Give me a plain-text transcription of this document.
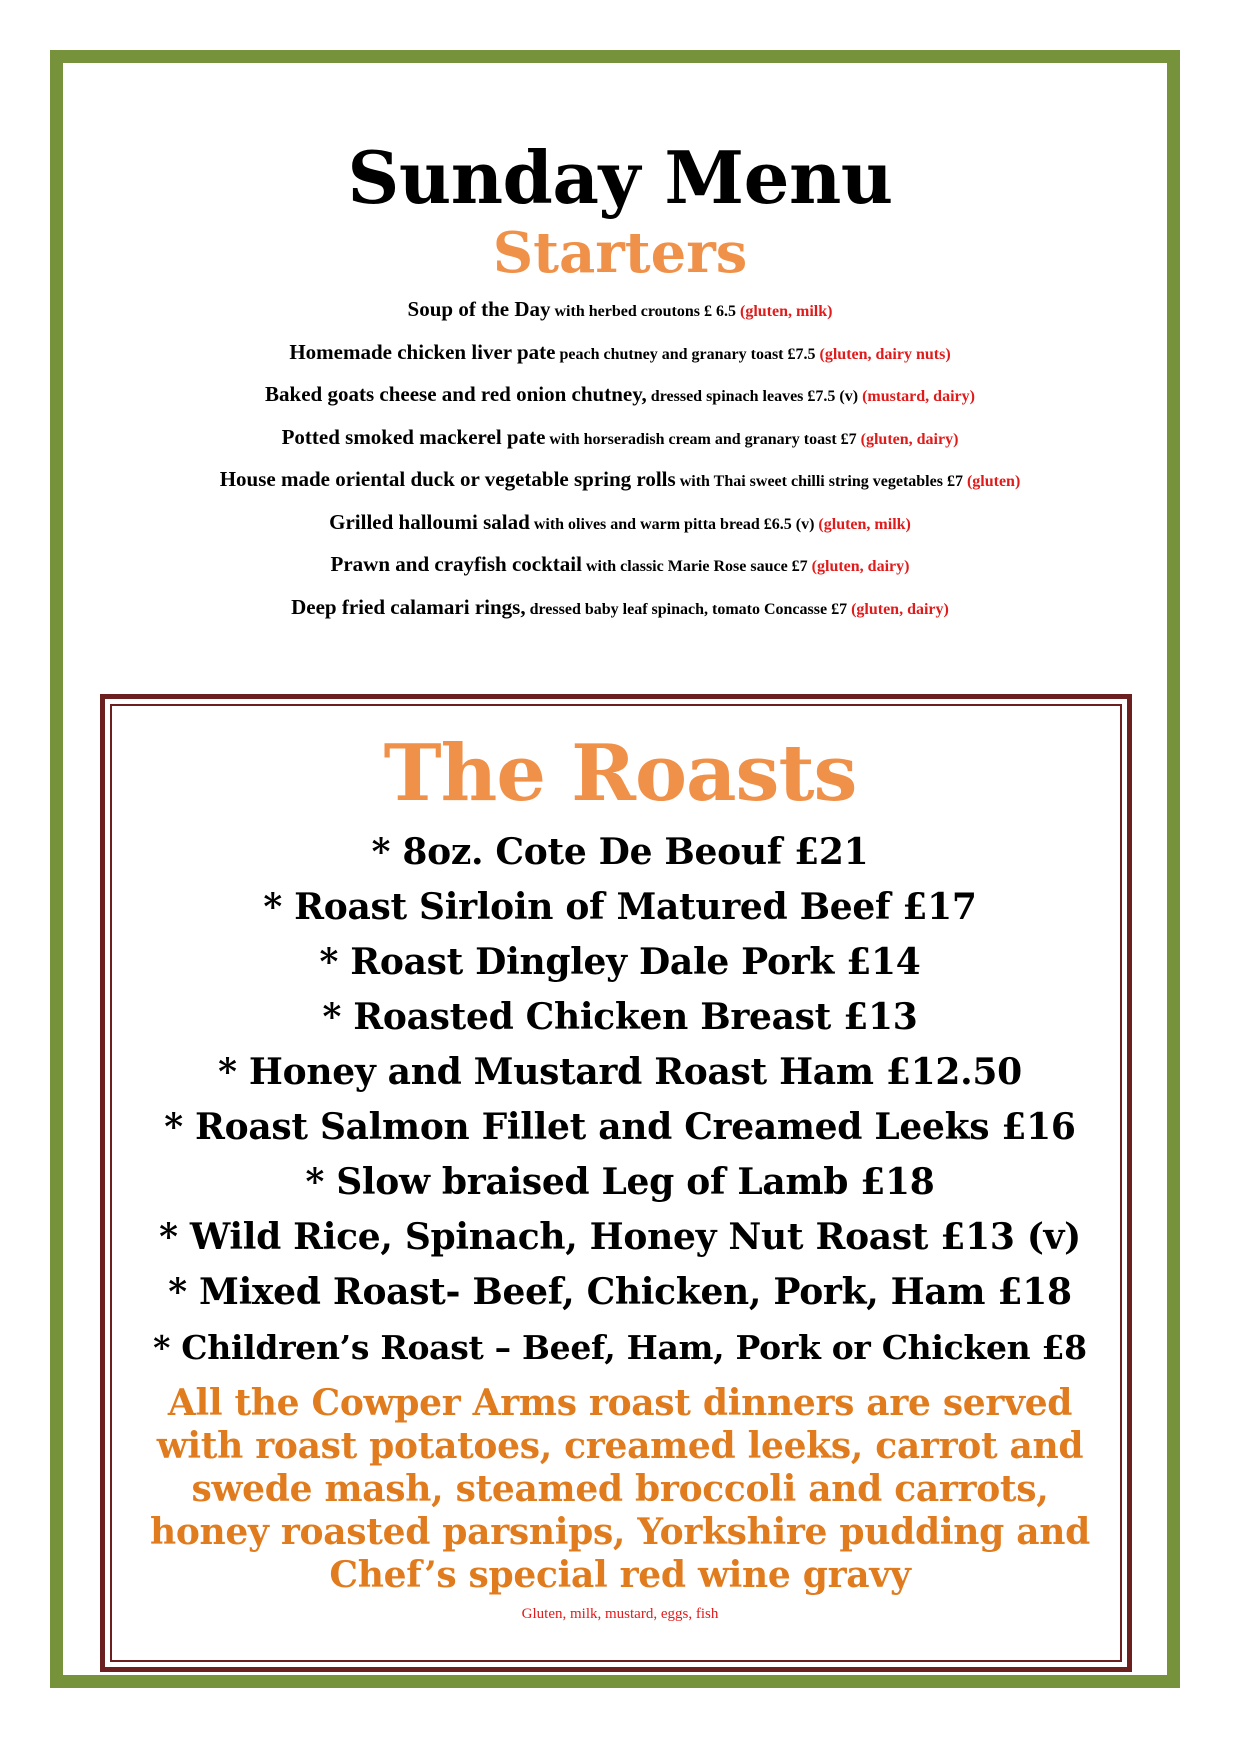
Sunday Menu
Starters
Soup of the Day with herbed croutons £ 6.5 (gluten, milk)
Homemade chicken liver pate peach chutney and granary toast £7.5 (gluten, dairy nuts)
Baked goats cheese and red onion chutney, dressed spinach leaves £7.5 (v) (mustard, dairy)
Potted smoked mackerel pate with horseradish cream and granary toast £7 (gluten, dairy)
House made oriental duck or vegetable spring rolls with Thai sweet chilli string vegetables £7 (gluten)
Grilled halloumi salad with olives and warm pitta bread £6.5 (v) (gluten, milk)
Prawn and crayfish cocktail with classic Marie Rose sauce £7 (gluten, dairy)
Deep fried calamari rings, dressed baby leaf spinach, tomato Concasse £7 (gluten, dairy)
The Roasts
* 8oz. Cote De Beouf £21
* Roast Sirloin of Matured Beef £17
* Roast Dingley Dale Pork £14
* Roasted Chicken Breast £13
* Honey and Mustard Roast Ham £12.50
* Roast Salmon Fillet and Creamed Leeks £16
* Slow braised Leg of Lamb £18
* Wild Rice, Spinach, Honey Nut Roast £13 (v)
* Mixed Roast- Beef, Chicken, Pork, Ham £18
* Children’s Roast – Beef, Ham, Pork or Chicken £8

All the Cowper Arms roast dinners are served with roast potatoes, creamed leeks, carrot and swede mash, steamed broccoli and carrots, honey roasted parsnips, Yorkshire pudding and Chef’s special red wine gravy

Gluten, milk, mustard, eggs, fish
